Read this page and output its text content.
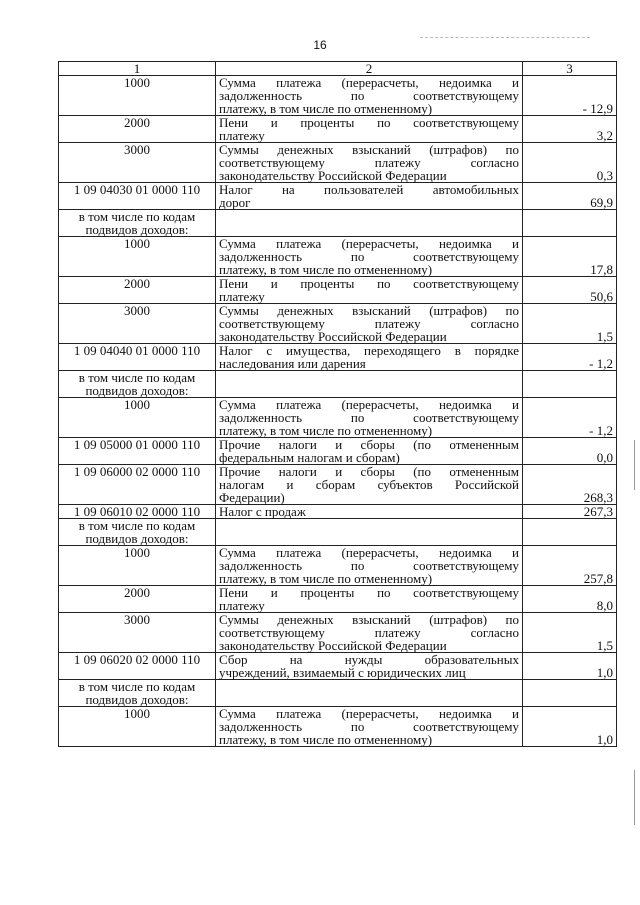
16
1	2	3
1000	Сумма платежа (перерасчеты, недоимка и
задолженность по соответствующему
платежу, в том числе по отмененному)	- 12,9
2000	Пени и проценты по соответствующему
платежу	3,2
3000	Суммы денежных взысканий (штрафов) по
соответствующему платежу согласно
законодательству Российской Федерации	0,3
1 09 04030 01 0000 110	Налог на пользователей автомобильных
дорог	69,9
в том числе по кодам подвидов доходов:	

1000	Сумма платежа (перерасчеты, недоимка и
задолженность по соответствующему
платежу, в том числе по отмененному)	17,8
2000	Пени и проценты по соответствующему
платежу	50,6
3000	Суммы денежных взысканий (штрафов) по
соответствующему платежу согласно
законодательству Российской Федерации	1,5
1 09 04040 01 0000 110	Налог с имущества, переходящего в порядке
наследования или дарения	- 1,2
в том числе по кодам подвидов доходов:	

1000	Сумма платежа (перерасчеты, недоимка и
задолженность по соответствующему
платежу, в том числе по отмененному)	- 1,2
1 09 05000 01 0000 110	Прочие налоги и сборы (по отмененным
федеральным налогам и сборам)	0,0
1 09 06000 02 0000 110	Прочие налоги и сборы (по отмененным
налогам и сборам субъектов Российской
Федерации)	268,3
1 09 06010 02 0000 110	Налог с продаж	267,3
в том числе по кодам подвидов доходов:	

1000	Сумма платежа (перерасчеты, недоимка и
задолженность по соответствующему
платежу, в том числе по отмененному)	257,8
2000	Пени и проценты по соответствующему
платежу	8,0
3000	Суммы денежных взысканий (штрафов) по
соответствующему платежу согласно
законодательству Российской Федерации	1,5
1 09 06020 02 0000 110	Сбор на нужды образовательных
учреждений, взимаемый с юридических лиц	1,0
в том числе по кодам подвидов доходов:	

1000	Сумма платежа (перерасчеты, недоимка и
задолженность по соответствующему
платежу, в том числе по отмененному)	1,0
